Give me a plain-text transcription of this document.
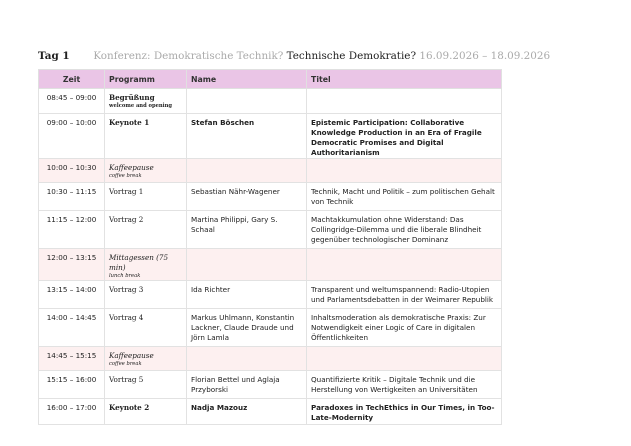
Tag 1 Konferenz: Demokratische Technik? Technische Demokratie? 16.09.2026 – 18.09.2026
Zeit	Programm	Name	Titel
08:45 – 09:00	Begrüßung
welcome and opening		

09:00 – 10:00	Keynote 1	Stefan Böschen	Epistemic Participation: Collaborative Knowledge Production in an Era of Fragile Democratic Promises and Digital Authoritarianism
10:00 – 10:30	Kaffeepause
coffee break		

10:30 – 11:15	Vortrag 1	Sebastian Nähr-Wagener	Technik, Macht und Politik – zum politischen Gehalt von Technik
11:15 – 12:00	Vortrag 2	Martina Philippi, Gary S. Schaal	Machtakkumulation ohne Widerstand: Das Collingridge-Dilemma und die liberale Blindheit gegenüber technologischer Dominanz
12:00 – 13:15	Mittagessen (75 min)
lunch break		

13:15 – 14:00	Vortrag 3	Ida Richter	Transparent und weltumspannend: Radio-Utopien und Parlamentsdebatten in der Weimarer Republik
14:00 – 14:45	Vortrag 4	Markus Uhlmann, Konstantin Lackner, Claude Draude und Jörn Lamla	Inhaltsmoderation als demokratische Praxis: Zur Notwendigkeit einer Logic of Care in digitalen Öffentlichkeiten
14:45 – 15:15	Kaffeepause
coffee break		

15:15 – 16:00	Vortrag 5	Florian Bettel und Aglaja Przyborski	Quantifizierte Kritik – Digitale Technik und die Herstellung von Wertigkeiten an Universitäten
16:00 – 17:00	Keynote 2	Nadja Mazouz	Paradoxes in TechEthics in Our Times, in Too-Late-Modernity
